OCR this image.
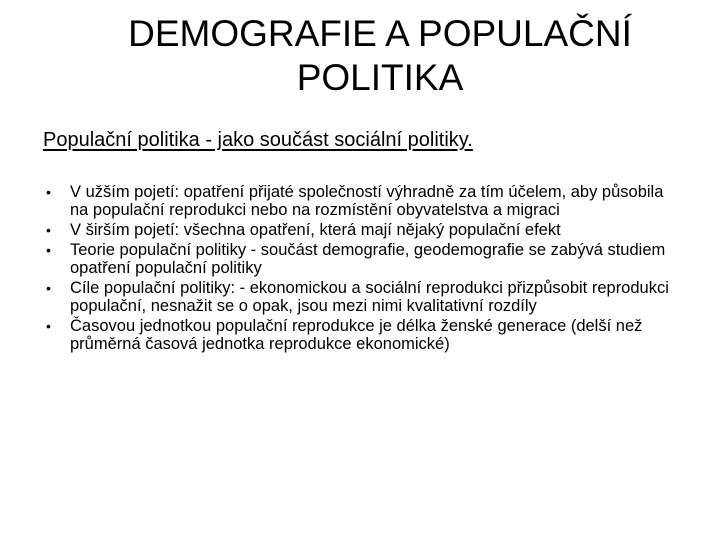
DEMOGRAFIE A POPULAČNÍ
POLITIKA

Populační politika - jako součást sociální politiky.

•	V užším pojetí: opatření přijaté společností výhradně za tím účelem, aby působila na populační reprodukci nebo na rozmístění obyvatelstva a migraci
•	V širším pojetí: všechna opatření, která mají nějaký populační efekt
•	Teorie populační politiky - součást demografie, geodemografie se zabývá studiem opatření populační politiky
•	Cíle populační politiky: - ekonomickou a sociální reprodukci přizpůsobit reprodukci populační, nesnažit se o opak, jsou mezi nimi kvalitativní rozdíly
•	Časovou jednotkou populační reprodukce je délka ženské generace (delší než průměrná časová jednotka reprodukce ekonomické)
